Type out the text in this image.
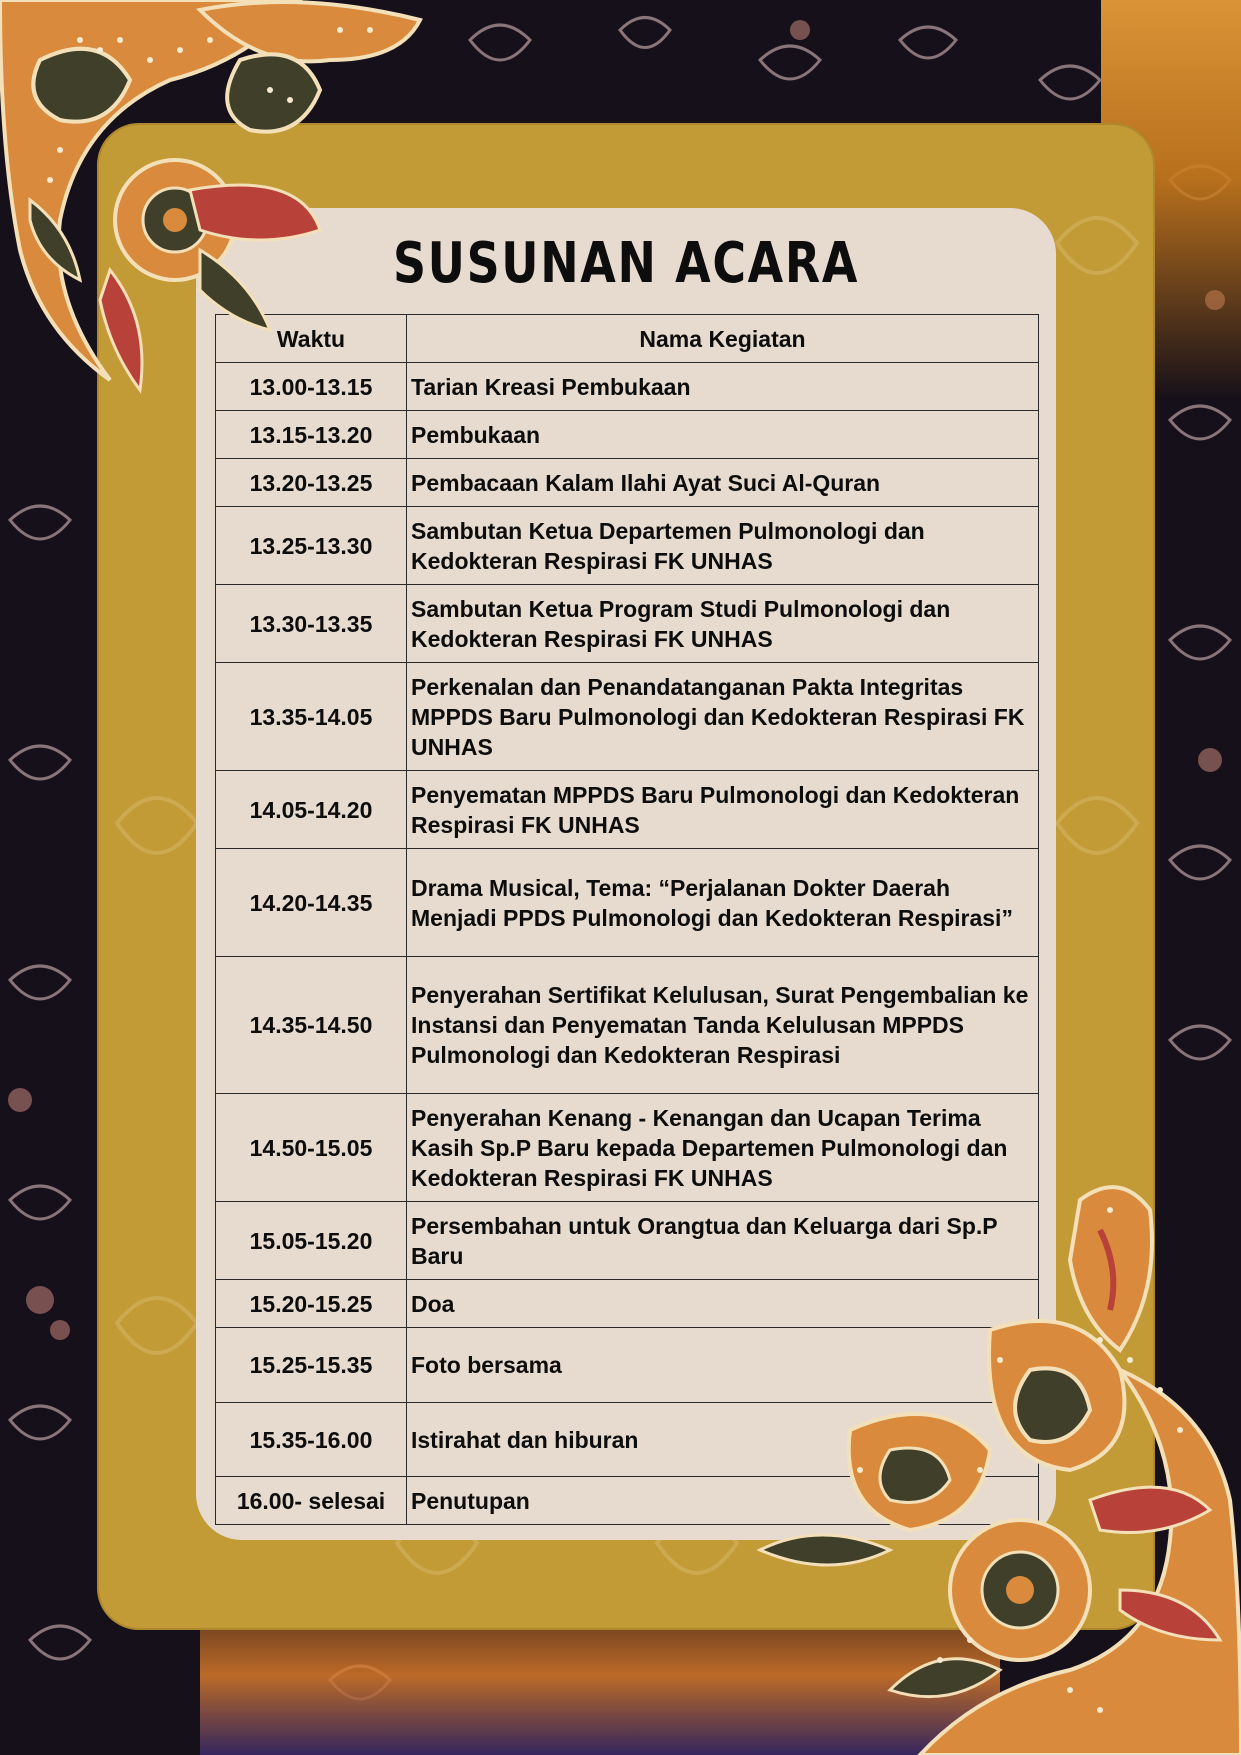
SUSUNAN ACARA
Waktu	Nama Kegiatan
13.00-13.15	Tarian Kreasi Pembukaan
13.15-13.20	Pembukaan
13.20-13.25	Pembacaan Kalam Ilahi Ayat Suci Al-Quran
13.25-13.30	Sambutan Ketua Departemen Pulmonologi dan Kedokteran Respirasi FK UNHAS
13.30-13.35	Sambutan Ketua Program Studi Pulmonologi dan Kedokteran Respirasi FK UNHAS
13.35-14.05	Perkenalan dan Penandatanganan Pakta Integritas MPPDS Baru Pulmonologi dan Kedokteran Respirasi FK UNHAS
14.05-14.20	Penyematan MPPDS Baru Pulmonologi dan Kedokteran Respirasi FK UNHAS
14.20-14.35	Drama Musical, Tema: “Perjalanan Dokter Daerah Menjadi PPDS Pulmonologi dan Kedokteran Respirasi”
14.35-14.50	Penyerahan Sertifikat Kelulusan, Surat Pengembalian ke Instansi dan Penyematan Tanda Kelulusan MPPDS Pulmonologi dan Kedokteran Respirasi
14.50-15.05	Penyerahan Kenang - Kenangan dan Ucapan Terima Kasih Sp.P Baru kepada Departemen Pulmonologi dan Kedokteran Respirasi FK UNHAS
15.05-15.20	Persembahan untuk Orangtua dan Keluarga dari Sp.P Baru
15.20-15.25	Doa
15.25-15.35	Foto bersama
15.35-16.00	Istirahat dan hiburan
16.00- selesai	Penutupan
